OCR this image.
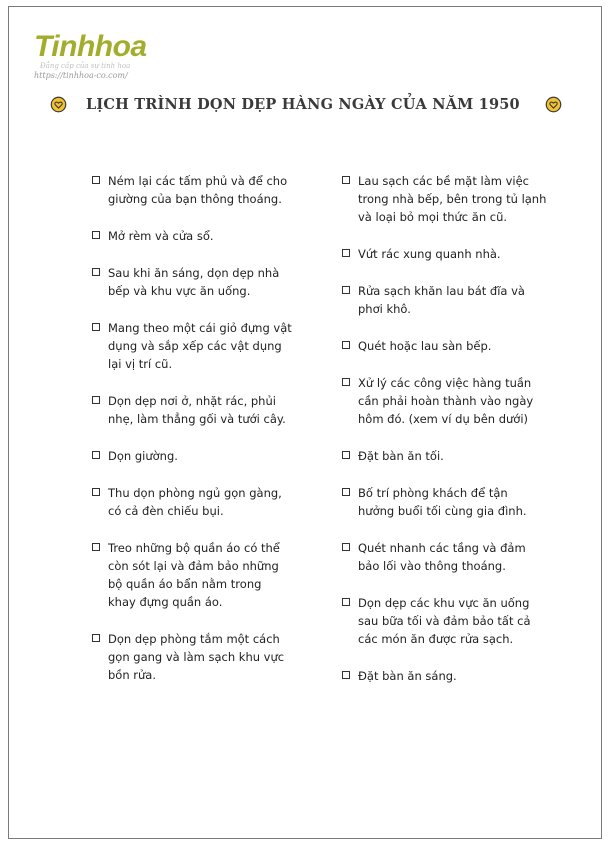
Tinhhoa
Đẳng cấp của sự tinh hoa
https://tinhhoa-co.com/
LỊCH TRÌNH DỌN DẸP HÀNG NGÀY CỦA NĂM 1950

Ném lại các tấm phủ và để cho giường của bạn thông thoáng.

Mở rèm và cửa sổ.

Sau khi ăn sáng, dọn dẹp nhà bếp và khu vực ăn uống.

Mang theo một cái giỏ đựng vật dụng và sắp xếp các vật dụng lại vị trí cũ.

Dọn dẹp nơi ở, nhặt rác, phủi nhẹ, làm thẳng gối và tưới cây.

Dọn giường.

Thu dọn phòng ngủ gọn gàng, có cả đèn chiếu bụi.

Treo những bộ quần áo có thể còn sót lại và đảm bảo những bộ quần áo bẩn nằm trong khay đựng quần áo.

Dọn dẹp phòng tắm một cách gọn gang và làm sạch khu vực bồn rửa.

Lau sạch các bề mặt làm việc trong nhà bếp, bên trong tủ lạnh và loại bỏ mọi thức ăn cũ.

Vứt rác xung quanh nhà.

Rửa sạch khăn lau bát đĩa và phơi khô.

Quét hoặc lau sàn bếp.

Xử lý các công việc hàng tuần cần phải hoàn thành vào ngày hôm đó. (xem ví dụ bên dưới)

Đặt bàn ăn tối.

Bố trí phòng khách để tận hưởng buổi tối cùng gia đình.

Quét nhanh các tầng và đảm bảo lối vào thông thoáng.

Dọn dẹp các khu vực ăn uống sau bữa tối và đảm bảo tất cả các món ăn được rửa sạch.

Đặt bàn ăn sáng.
